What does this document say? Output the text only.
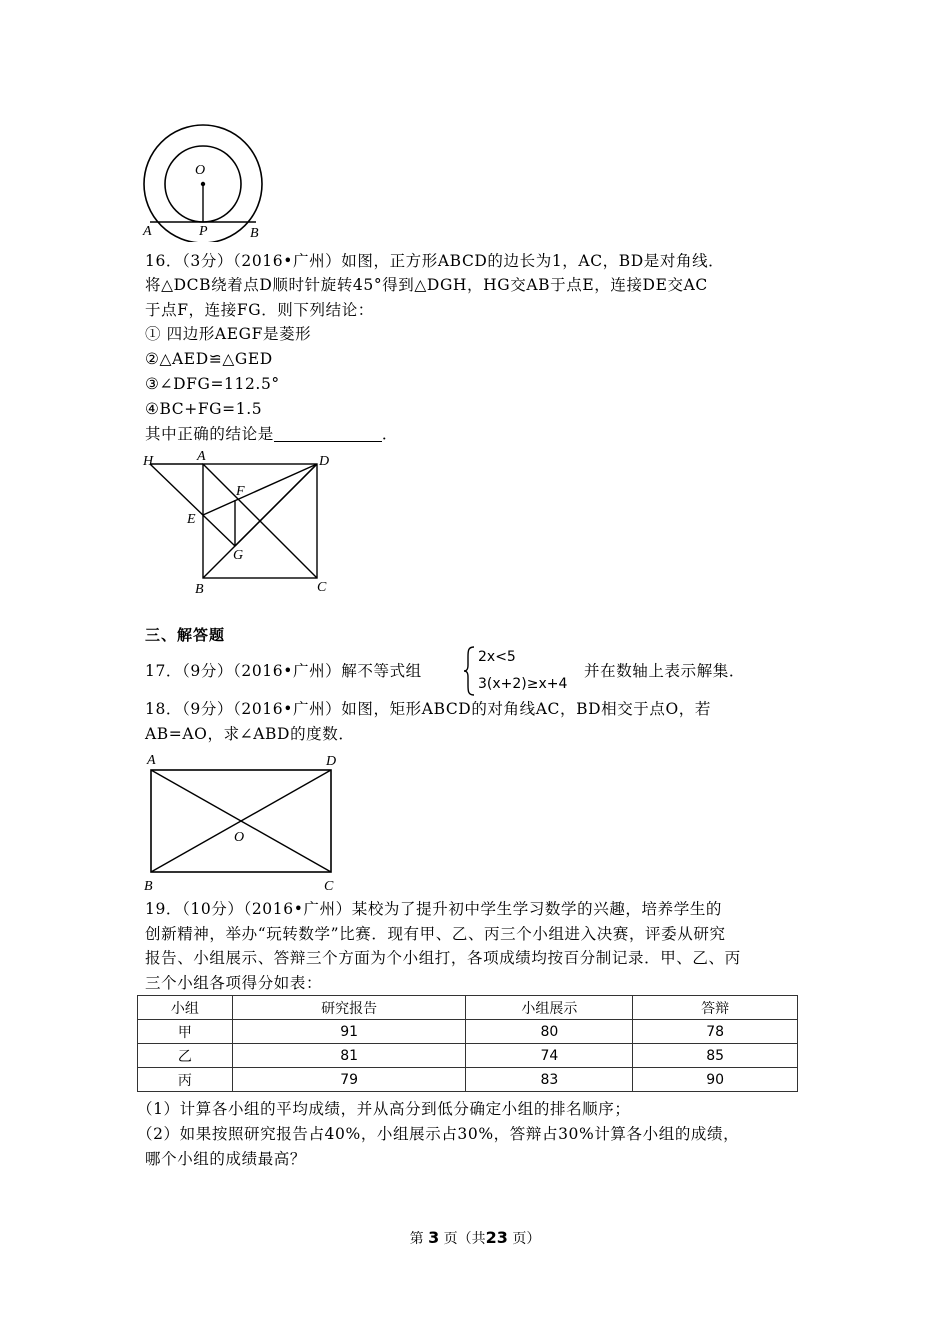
O
A	P	B
16．（3分）（2016•广州）如图，正方形ABCD的边长为1，AC，BD是对角线．
将△DCB绕着点D顺时针旋转45°得到△DGH，HG交AB于点E，连接DE交AC
于点F，连接FG．则下列结论：
① 四边形AEGF是菱形
②△AED≌△GED
③∠DFG=112.5°
④BC+FG=1.5
其中正确的结论是	．
H	A	D
F
E
G
B	C
三、解答题
17．（9分）（2016•广州）解不等式组
2x<5
3(x+2)≥x+4
并在数轴上表示解集．
18．（9分）（2016•广州）如图，矩形ABCD的对角线AC，BD相交于点O，若
AB=AO，求∠ABD的度数．
A	D
O
B	C
19．（10分）（2016•广州）某校为了提升初中学生学习数学的兴趣，培养学生的
创新精神，举办“玩转数学”比赛．现有甲、乙、丙三个小组进入决赛，评委从研究
报告、小组展示、答辩三个方面为个小组打，各项成绩均按百分制记录．甲、乙、丙
三个小组各项得分如表：
小组	研究报告	小组展示	答辩
甲	91	80	78
乙	81	74	85
丙	79	83	90
（1）计算各小组的平均成绩，并从高分到低分确定小组的排名顺序；
（2）如果按照研究报告占40%，小组展示占30%，答辩占30%计算各小组的成绩，
哪个小组的成绩最高？
第 3 页（共23 页）
